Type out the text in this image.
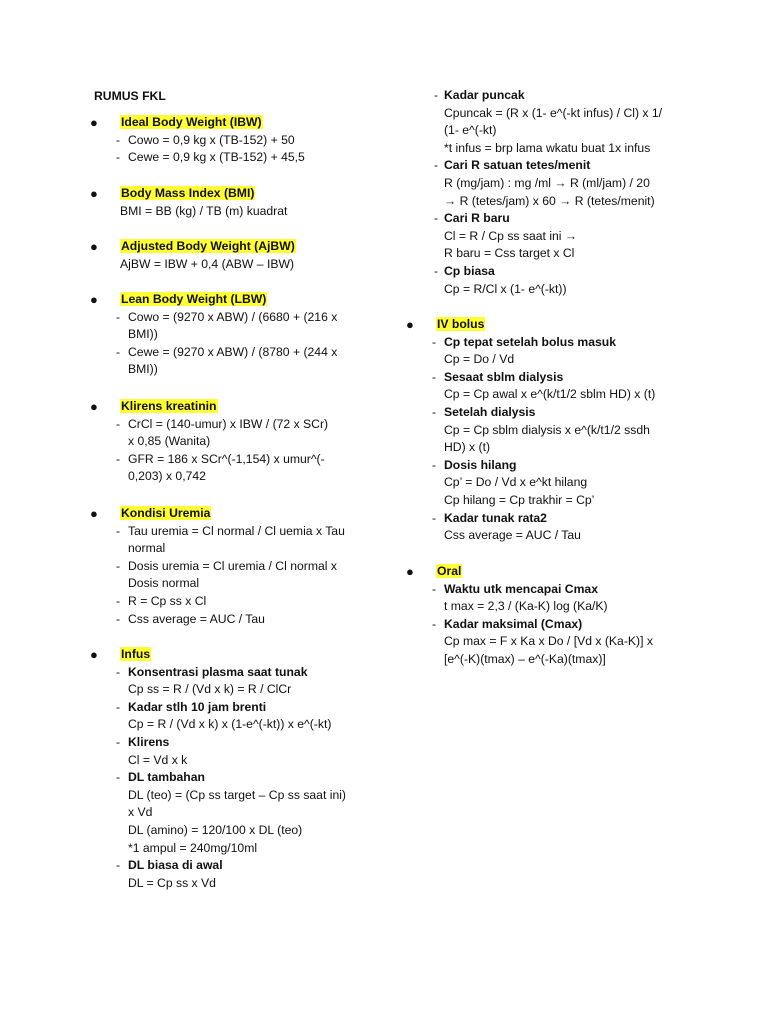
RUMUS FKL
● Ideal Body Weight (IBW)
- Cowo = 0,9 kg x (TB-152) + 50
- Cewe = 0,9 kg x (TB-152) + 45,5
● Body Mass Index (BMI)
BMI = BB (kg) / TB (m) kuadrat
● Adjusted Body Weight (AjBW)
AjBW = IBW + 0,4 (ABW – IBW)
● Lean Body Weight (LBW)
- Cowo = (9270 x ABW) / (6680 + (216 x
BMI))
- Cewe = (9270 x ABW) / (8780 + (244 x
BMI))
● Klirens kreatinin
- CrCl = (140-umur) x IBW / (72 x SCr)
x 0,85 (Wanita)
- GFR = 186 x SCr^(-1,154) x umur^(-
0,203) x 0,742
● Kondisi Uremia
- Tau uremia = Cl normal / Cl uemia x Tau
normal
- Dosis uremia = Cl uremia / Cl normal x
Dosis normal
- R = Cp ss x Cl
- Css average = AUC / Tau
● Infus
- Konsentrasi plasma saat tunak
Cp ss = R / (Vd x k) = R / ClCr
- Kadar stlh 10 jam brenti
Cp = R / (Vd x k) x (1-e^(-kt)) x e^(-kt)
- Klirens
Cl = Vd x k
- DL tambahan
DL (teo) = (Cp ss target – Cp ss saat ini)
x Vd
DL (amino) = 120/100 x DL (teo)
*1 ampul = 240mg/10ml
- DL biasa di awal
DL = Cp ss x Vd
- Kadar puncak
Cpuncak = (R x (1- e^(-kt infus) / Cl) x 1/
(1- e^(-kt)
*t infus = brp lama wkatu buat 1x infus
- Cari R satuan tetes/menit
R (mg/jam) : mg /ml → R (ml/jam) / 20
→ R (tetes/jam) x 60 → R (tetes/menit)
- Cari R baru
Cl = R / Cp ss saat ini →
R baru = Css target x Cl
- Cp biasa
Cp = R/Cl x (1- e^(-kt))
● IV bolus
- Cp tepat setelah bolus masuk
Cp = Do / Vd
- Sesaat sblm dialysis
Cp = Cp awal x e^(k/t1/2 sblm HD) x (t)
- Setelah dialysis
Cp = Cp sblm dialysis x e^(k/t1/2 ssdh
HD) x (t)
- Dosis hilang
Cp’ = Do / Vd x e^kt hilang
Cp hilang = Cp trakhir = Cp’
- Kadar tunak rata2
Css average = AUC / Tau
● Oral
- Waktu utk mencapai Cmax
t max = 2,3 / (Ka-K) log (Ka/K)
- Kadar maksimal (Cmax)
Cp max = F x Ka x Do / [Vd x (Ka-K)] x
[e^(-K)(tmax) – e^(-Ka)(tmax)]
